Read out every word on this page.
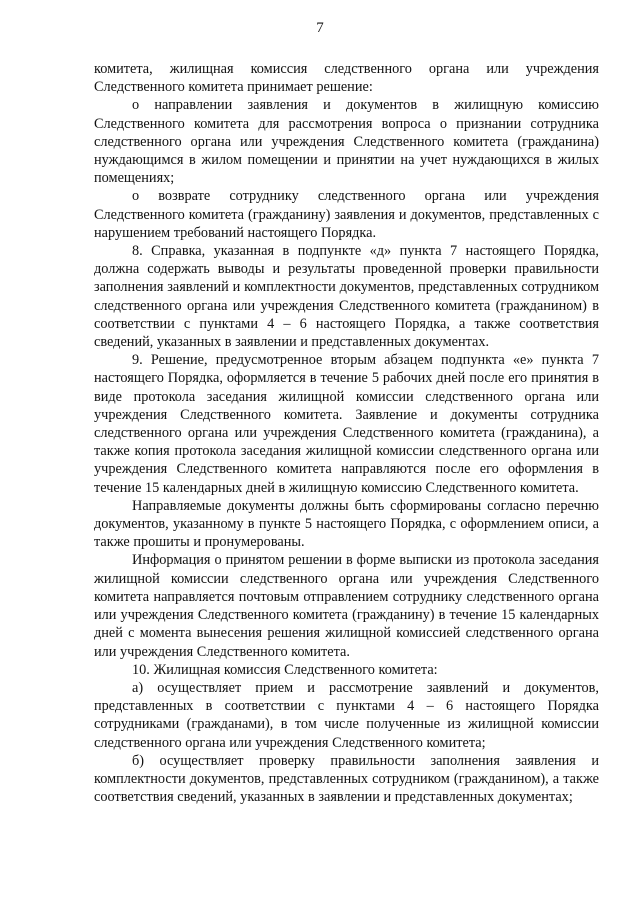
7

комитета, жилищная комиссия следственного органа или учреждения Следственного комитета принимает решение:

о направлении заявления и документов в жилищную комиссию Следственного комитета для рассмотрения вопроса о признании сотрудника следственного органа или учреждения Следственного комитета (гражданина) нуждающимся в жилом помещении и принятии на учет нуждающихся в жилых помещениях;

о возврате сотруднику следственного органа или учреждения Следственного комитета (гражданину) заявления и документов, представленных с нарушением требований настоящего Порядка.

8. Справка, указанная в подпункте «д» пункта 7 настоящего Порядка, должна содержать выводы и результаты проведенной проверки правильности заполнения заявлений и комплектности документов, представленных сотрудником следственного органа или учреждения Следственного комитета (гражданином) в соответствии с пунктами 4 – 6 настоящего Порядка, а также соответствия сведений, указанных в заявлении и представленных документах.

9. Решение, предусмотренное вторым абзацем подпункта «е» пункта 7 настоящего Порядка, оформляется в течение 5 рабочих дней после его принятия в виде протокола заседания жилищной комиссии следственного органа или учреждения Следственного комитета. Заявление и документы сотрудника следственного органа или учреждения Следственного комитета (гражданина), а также копия протокола заседания жилищной комиссии следственного органа или учреждения Следственного комитета направляются после его оформления в течение 15 календарных дней в жилищную комиссию Следственного комитета.

Направляемые документы должны быть сформированы согласно перечню документов, указанному в пункте 5 настоящего Порядка, с оформлением описи, а также прошиты и пронумерованы.

Информация о принятом решении в форме выписки из протокола заседания жилищной комиссии следственного органа или учреждения Следственного комитета направляется почтовым отправлением сотруднику следственного органа или учреждения Следственного комитета (гражданину) в течение 15 календарных дней с момента вынесения решения жилищной комиссией следственного органа или учреждения Следственного комитета.

10. Жилищная комиссия Следственного комитета:

а) осуществляет прием и рассмотрение заявлений и документов, представленных в соответствии с пунктами 4 – 6 настоящего Порядка сотрудниками (гражданами), в том числе полученные из жилищной комиссии следственного органа или учреждения Следственного комитета;

б) осуществляет проверку правильности заполнения заявления и комплектности документов, представленных сотрудником (гражданином), а также соответствия сведений, указанных в заявлении и представленных документах;
